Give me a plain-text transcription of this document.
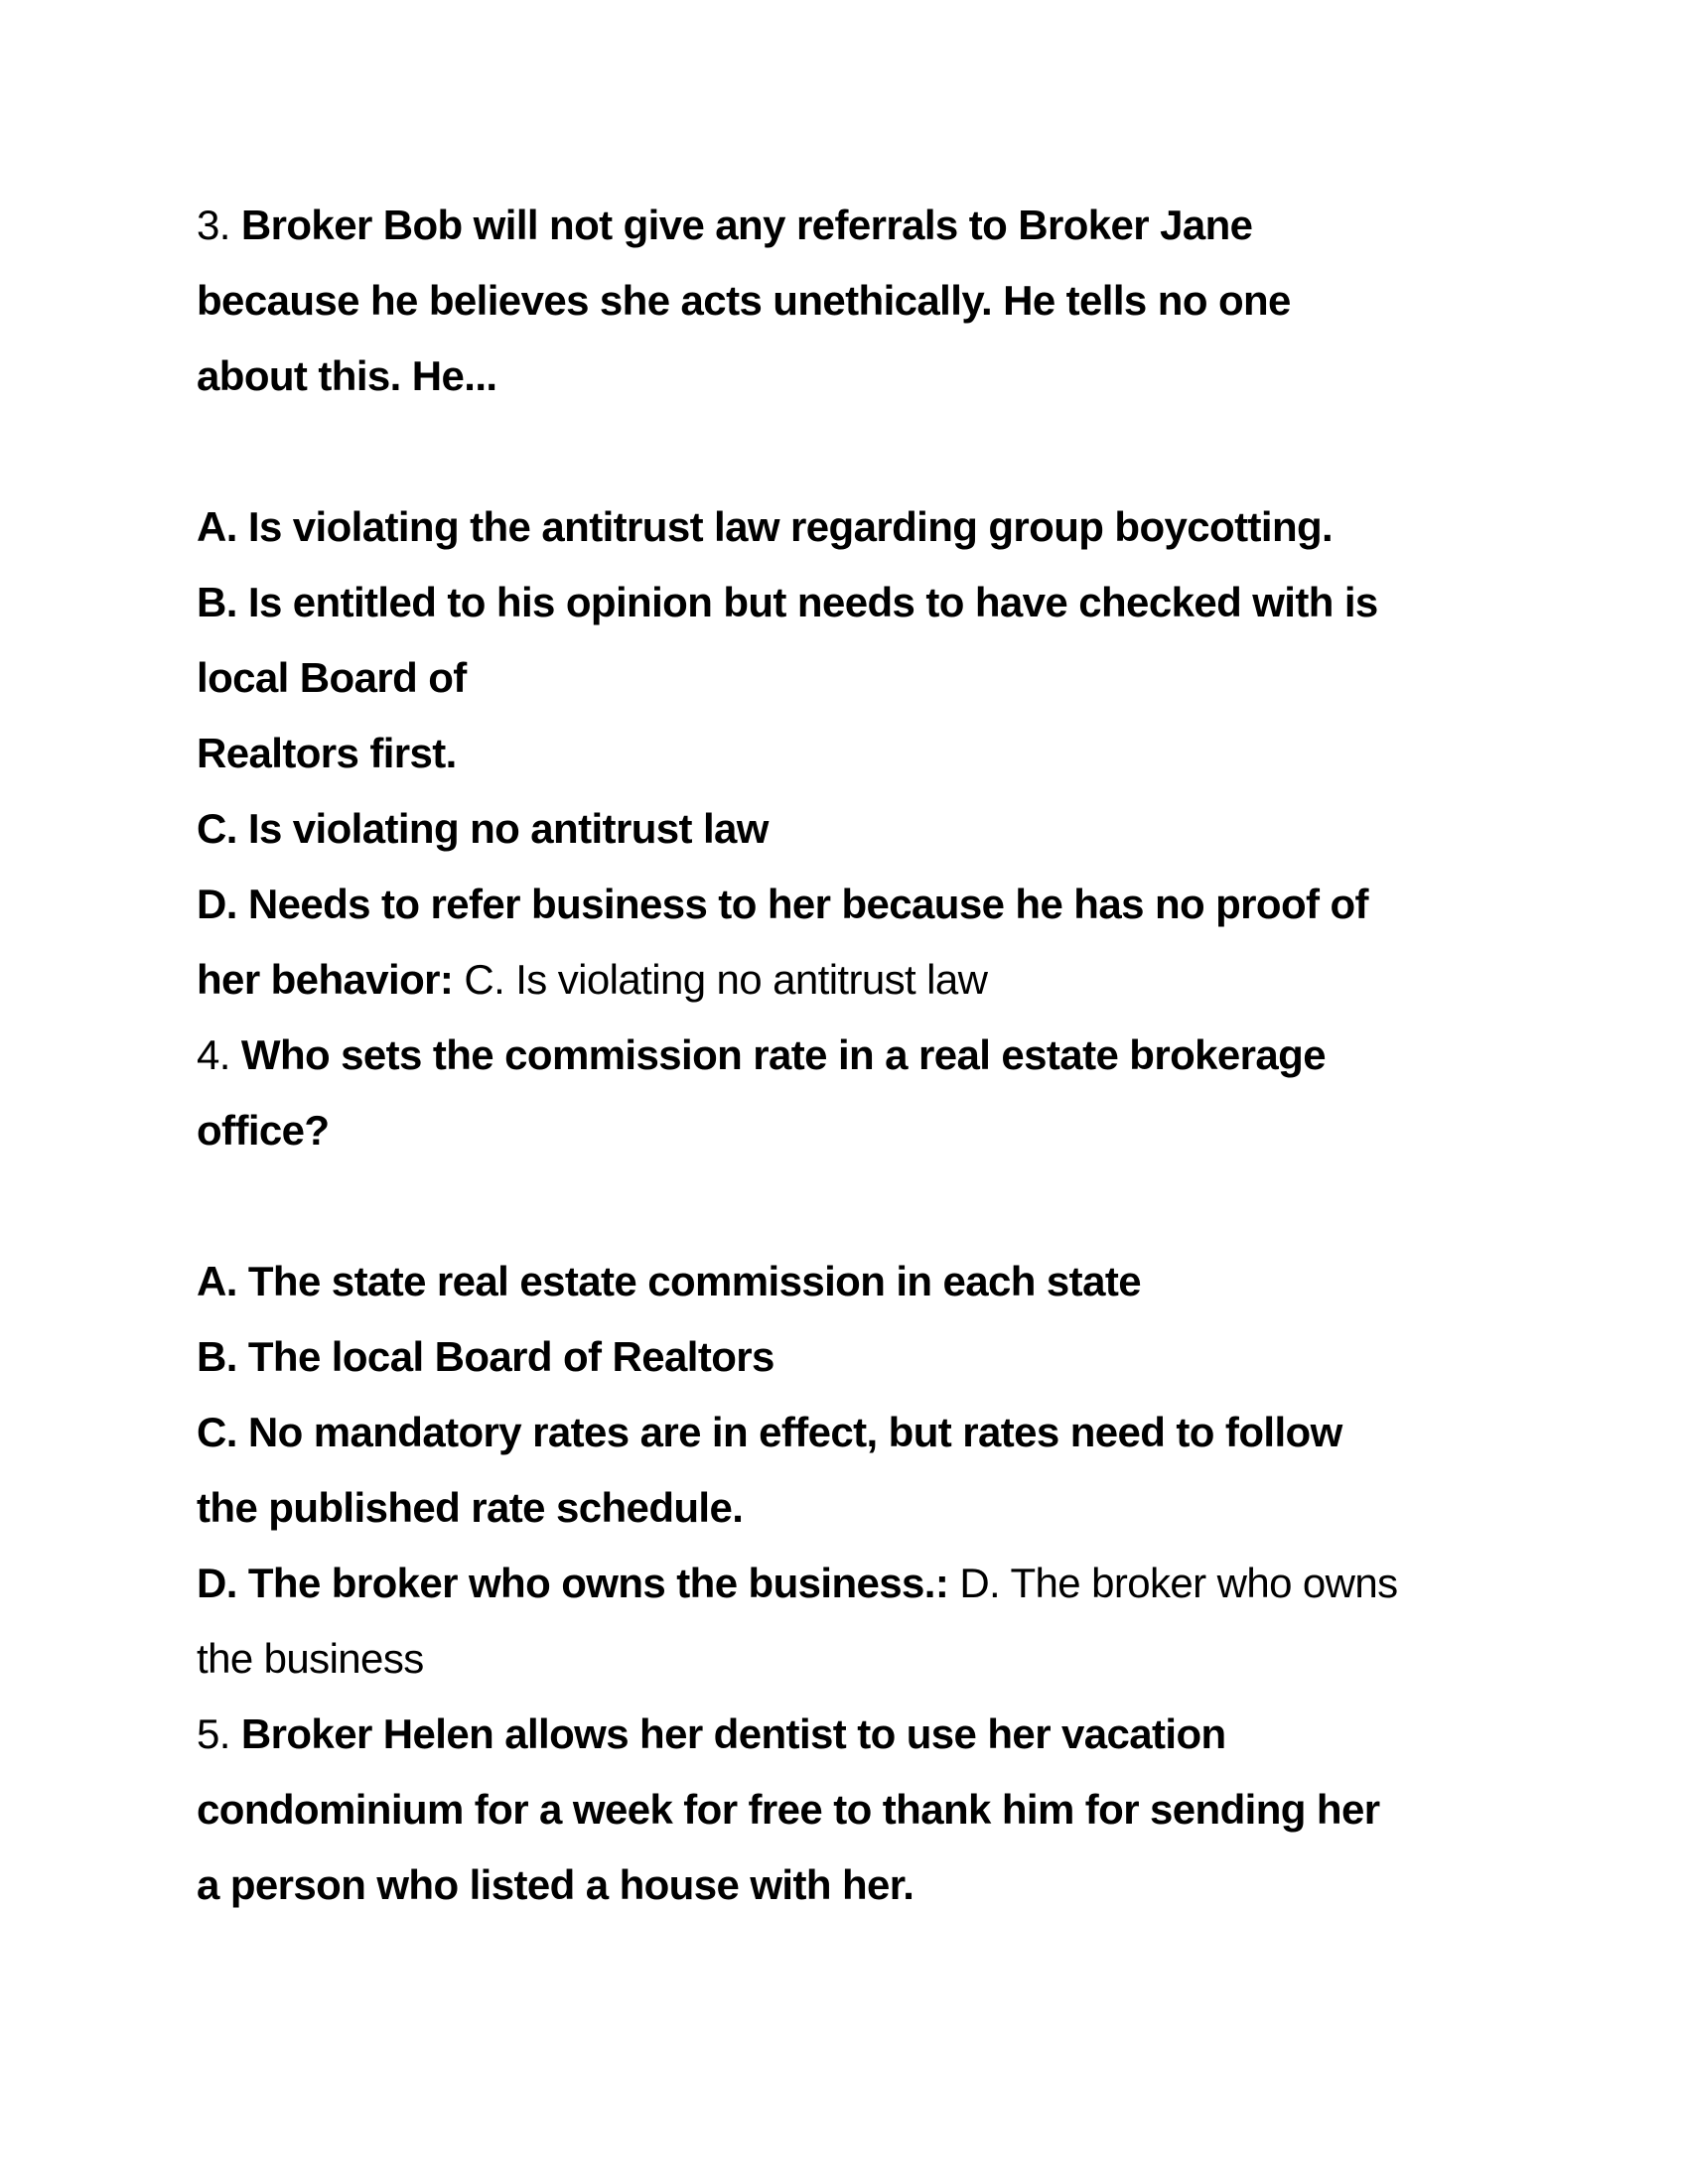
3. Broker Bob will not give any referrals to Broker Jane
because he believes she acts unethically. He tells no one
about this. He...
A. Is violating the antitrust law regarding group boycotting.
B. Is entitled to his opinion but needs to have checked with is
local Board of
Realtors first.
C. Is violating no antitrust law
D. Needs to refer business to her because he has no proof of
her behavior: C. Is violating no antitrust law
4. Who sets the commission rate in a real estate brokerage
office?
A. The state real estate commission in each state
B. The local Board of Realtors
C. No mandatory rates are in effect, but rates need to follow
the published rate schedule.
D. The broker who owns the business.: D. The broker who owns
the business
5. Broker Helen allows her dentist to use her vacation
condominium for a week for free to thank him for sending her
a person who listed a house with her.
